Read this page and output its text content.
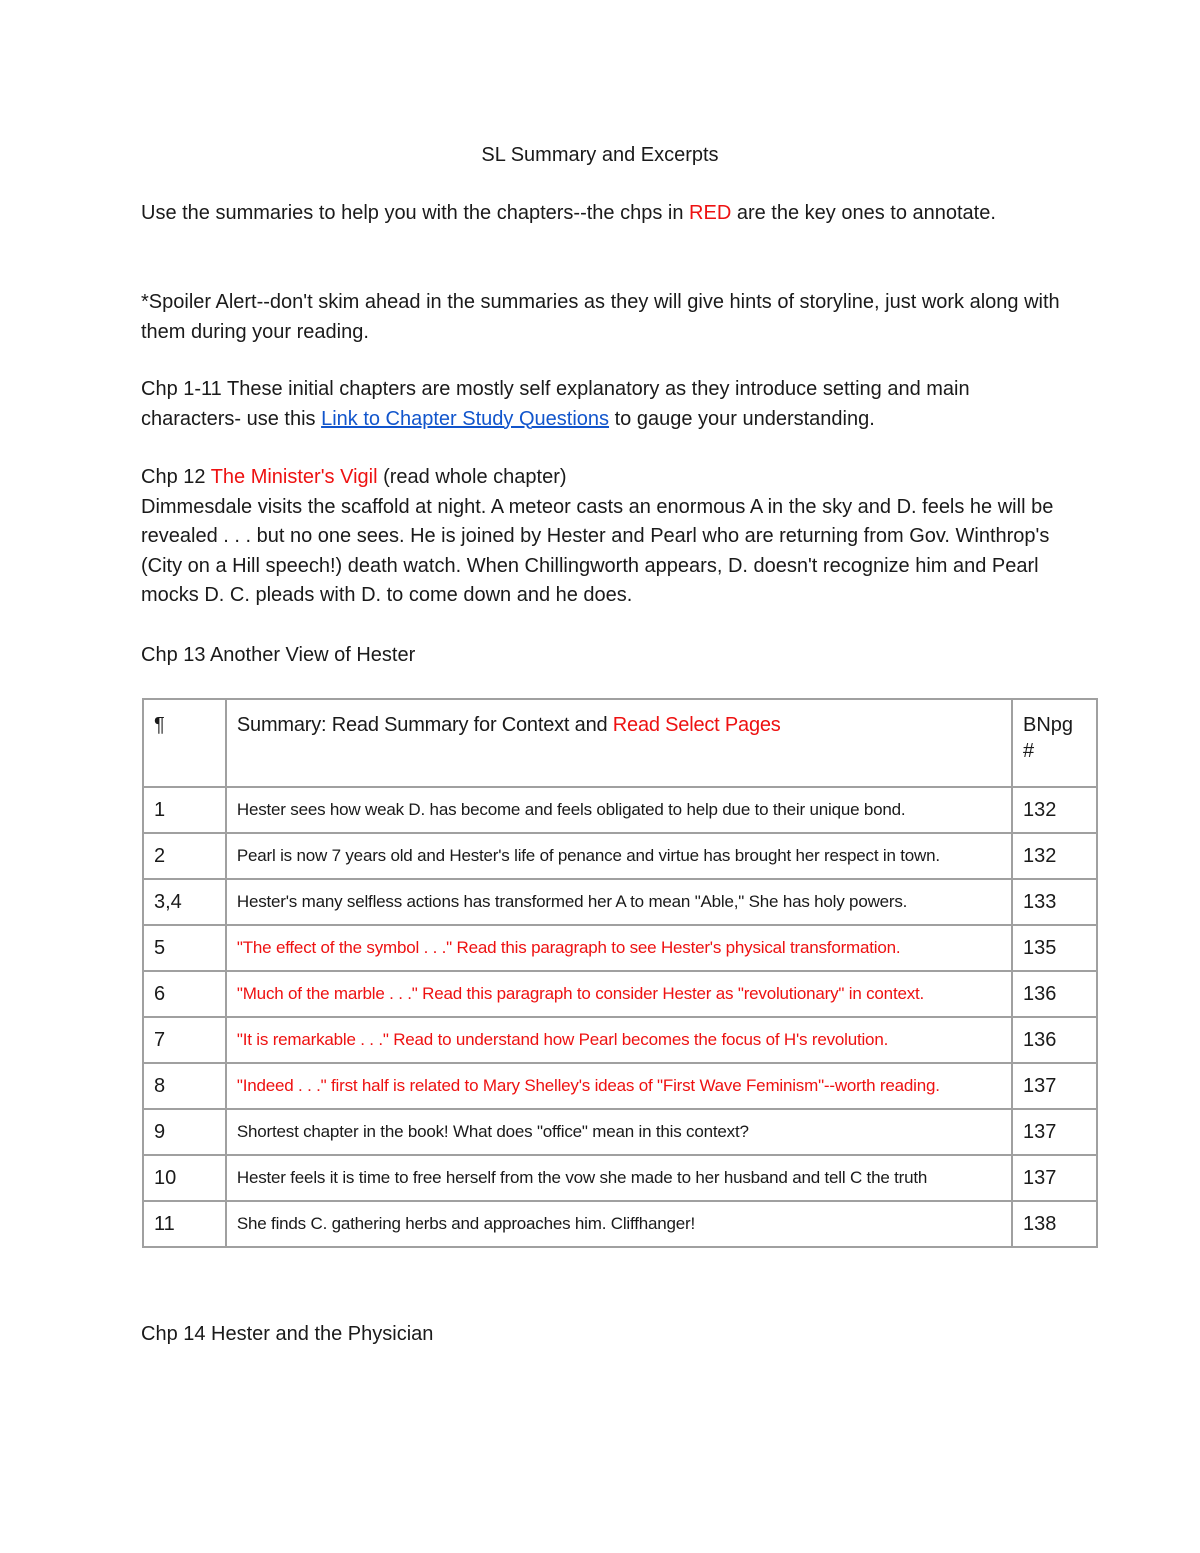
SL Summary and Excerpts
Use the summaries to help you with the chapters--the chps in RED are the key ones to annotate.
*Spoiler Alert--don't skim ahead in the summaries as they will give hints of storyline, just work along with them during your reading.
Chp 1-11 These initial chapters are mostly self explanatory as they introduce setting and main characters- use this Link to Chapter Study Questions to gauge your understanding.
Chp 12 The Minister's Vigil (read whole chapter)
Dimmesdale visits the scaffold at night. A meteor casts an enormous A in the sky and D. feels he will be revealed . . . but no one sees. He is joined by Hester and Pearl who are returning from Gov. Winthrop's (City on a Hill speech!) death watch. When Chillingworth appears, D. doesn't recognize him and Pearl mocks D. C. pleads with D. to come down and he does.
Chp 13 Another View of Hester
Chp 14 Hester and the Physician
¶	Summary: Read Summary for Context and Read Select Pages	BNpg #
1	Hester sees how weak D. has become and feels obligated to help due to their unique bond.	132
2	Pearl is now 7 years old and Hester's life of penance and virtue has brought her respect in town.	132
3,4	Hester's many selfless actions has transformed her A to mean "Able," She has holy powers.	133
5	"The effect of the symbol . . ." Read this paragraph to see Hester's physical transformation.	135
6	"Much of the marble . . ." Read this paragraph to consider Hester as "revolutionary" in context.	136
7	"It is remarkable . . ." Read to understand how Pearl becomes the focus of H's revolution.	136
8	"Indeed . . ." first half is related to Mary Shelley's ideas of "First Wave Feminism"--worth reading.	137
9	Shortest chapter in the book! What does "office" mean in this context?	137
10	Hester feels it is time to free herself from the vow she made to her husband and tell C the truth	137
11	She finds C. gathering herbs and approaches him. Cliffhanger!	138
